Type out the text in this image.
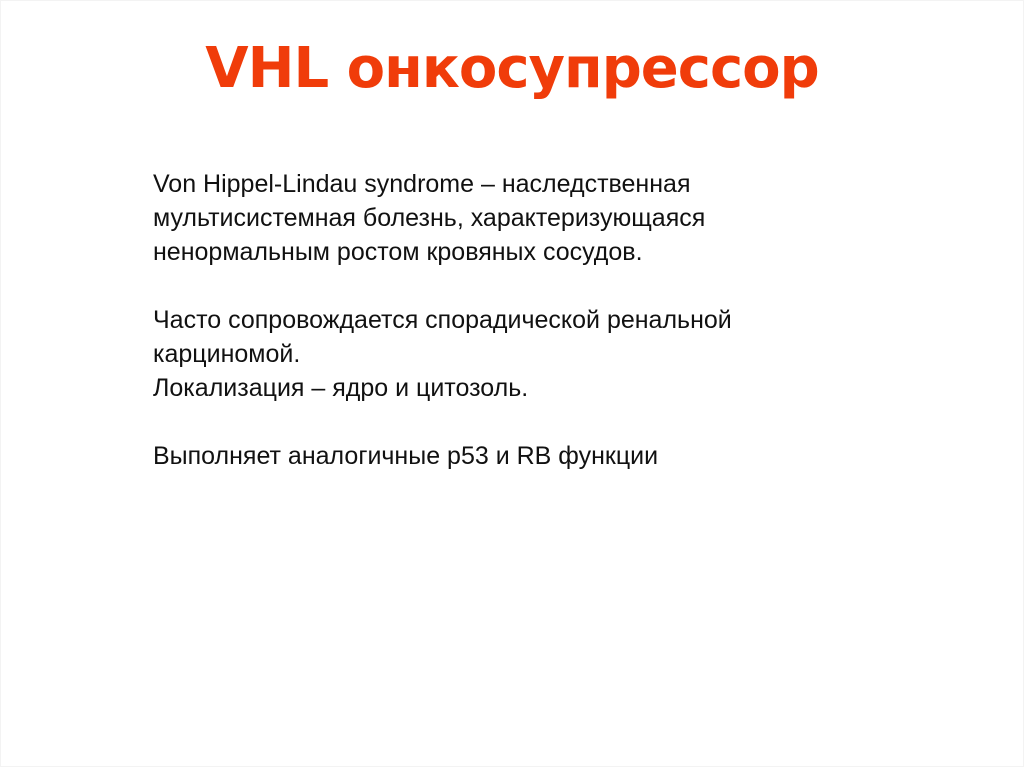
VHL онкосупрессор
Von Hippel-Lindau syndrome – наследственная
мультисистемная болезнь, характеризующаяся
ненормальным ростом кровяных сосудов.
Часто сопровождается спорадической ренальной
карциномой.
Локализация – ядро и цитозоль.
Выполняет аналогичные р53 и RB функции
